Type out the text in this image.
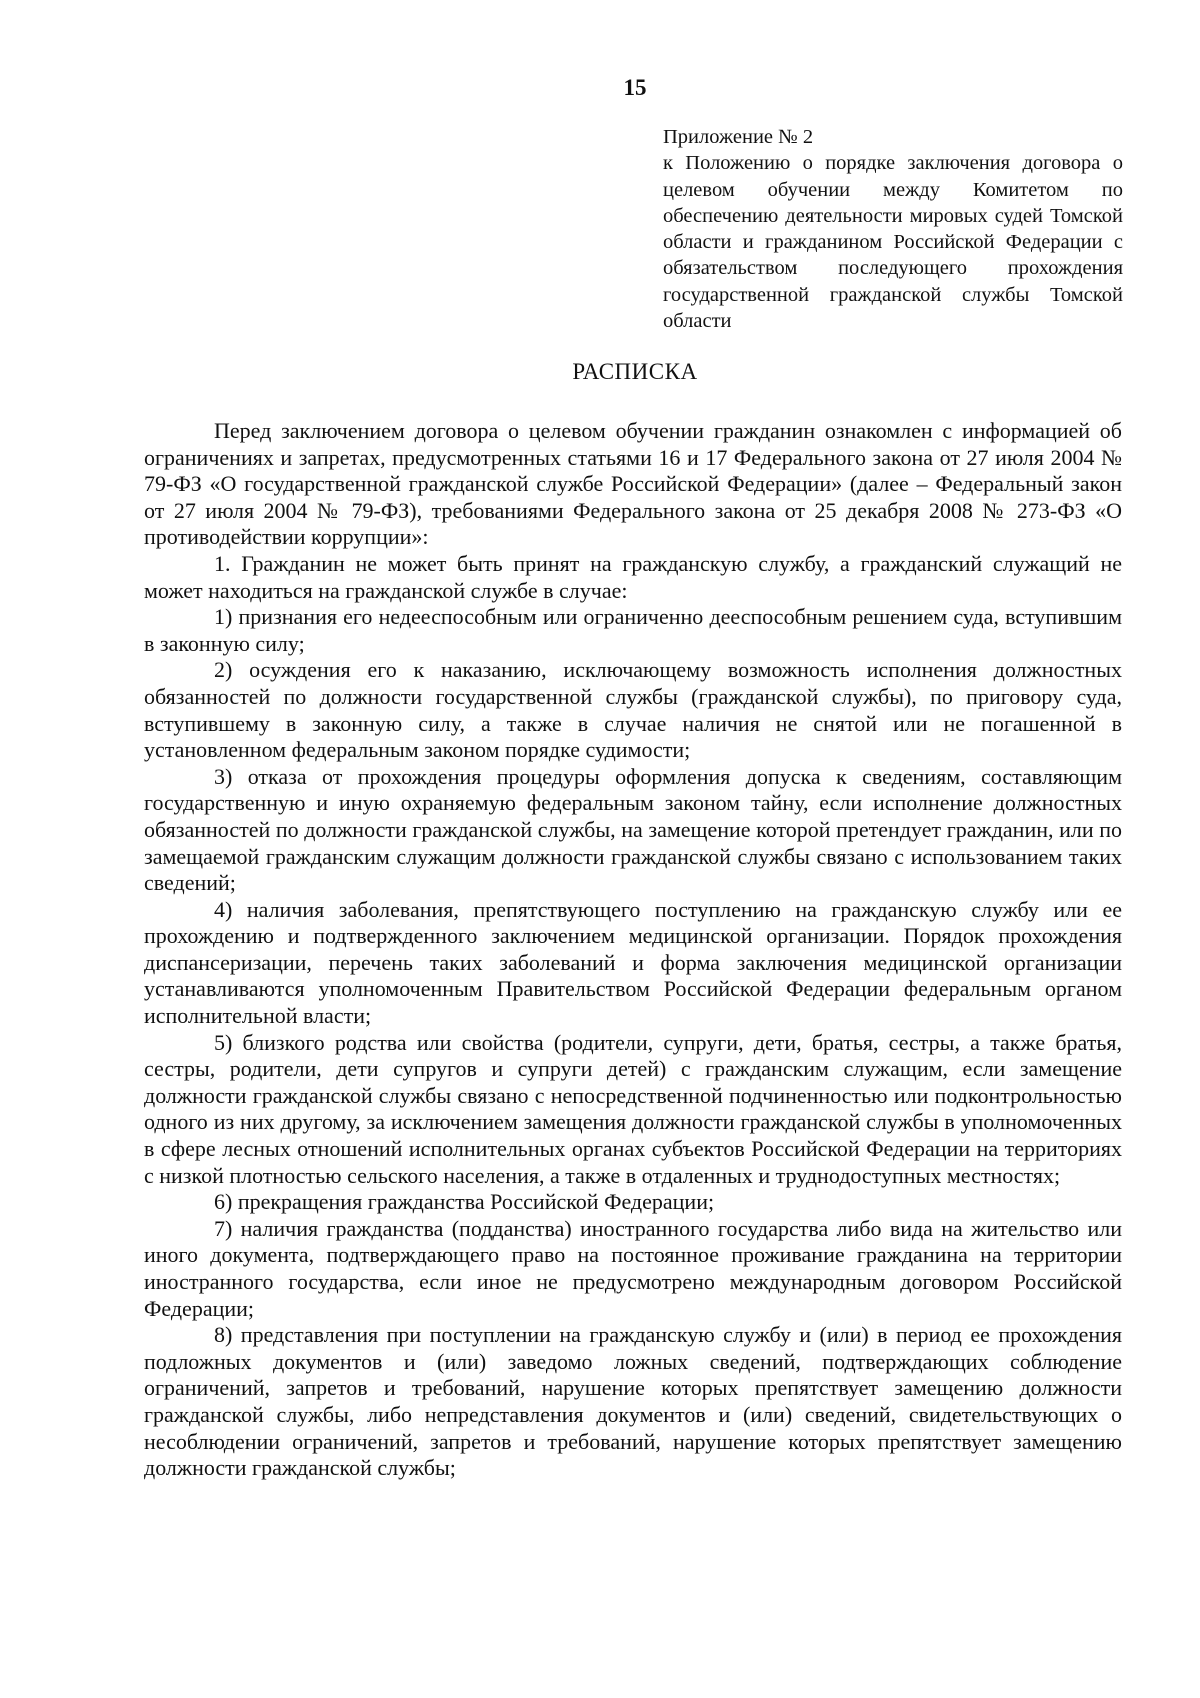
15
Приложение № 2
к Положению о порядке заключения договора о целевом обучении между Комитетом по обеспечению деятельности мировых судей Томской области и гражданином Российской Федерации с обязательством последующего прохождения государственной гражданской службы Томской области
РАСПИСКА

Перед заключением договора о целевом обучении гражданин ознакомлен с информацией об ограничениях и запретах, предусмотренных статьями 16 и 17 Федерального закона от 27 июля 2004 № 79-ФЗ «О государственной гражданской службе Российской Федерации» (далее – Федеральный закон от 27 июля 2004 № 79-ФЗ), требованиями Федерального закона от 25 декабря 2008 № 273-ФЗ «О противодействии коррупции»:

1. Гражданин не может быть принят на гражданскую службу, а гражданский служащий не может находиться на гражданской службе в случае:

1) признания его недееспособным или ограниченно дееспособным решением суда, вступившим в законную силу;

2) осуждения его к наказанию, исключающему возможность исполнения должностных обязанностей по должности государственной службы (гражданской службы), по приговору суда, вступившему в законную силу, а также в случае наличия не снятой или не погашенной в установленном федеральным законом порядке судимости;

3) отказа от прохождения процедуры оформления допуска к сведениям, составляющим государственную и иную охраняемую федеральным законом тайну, если исполнение должностных обязанностей по должности гражданской службы, на замещение которой претендует гражданин, или по замещаемой гражданским служащим должности гражданской службы связано с использованием таких сведений;

4) наличия заболевания, препятствующего поступлению на гражданскую службу или ее прохождению и подтвержденного заключением медицинской организации. Порядок прохождения диспансеризации, перечень таких заболеваний и форма заключения медицинской организации устанавливаются уполномоченным Правительством Российской Федерации федеральным органом исполнительной власти;

5) близкого родства или свойства (родители, супруги, дети, братья, сестры, а также братья, сестры, родители, дети супругов и супруги детей) с гражданским служащим, если замещение должности гражданской службы связано с непосредственной подчиненностью или подконтрольностью одного из них другому, за исключением замещения должности гражданской службы в уполномоченных в сфере лесных отношений исполнительных органах субъектов Российской Федерации на территориях с низкой плотностью сельского населения, а также в отдаленных и труднодоступных местностях;

6) прекращения гражданства Российской Федерации;

7) наличия гражданства (подданства) иностранного государства либо вида на жительство или иного документа, подтверждающего право на постоянное проживание гражданина на территории иностранного государства, если иное не предусмотрено международным договором Российской Федерации;

8) представления при поступлении на гражданскую службу и (или) в период ее прохождения подложных документов и (или) заведомо ложных сведений, подтверждающих соблюдение ограничений, запретов и требований, нарушение которых препятствует замещению должности гражданской службы, либо непредставления документов и (или) сведений, свидетельствующих о несоблюдении ограничений, запретов и требований, нарушение которых препятствует замещению должности гражданской службы;
